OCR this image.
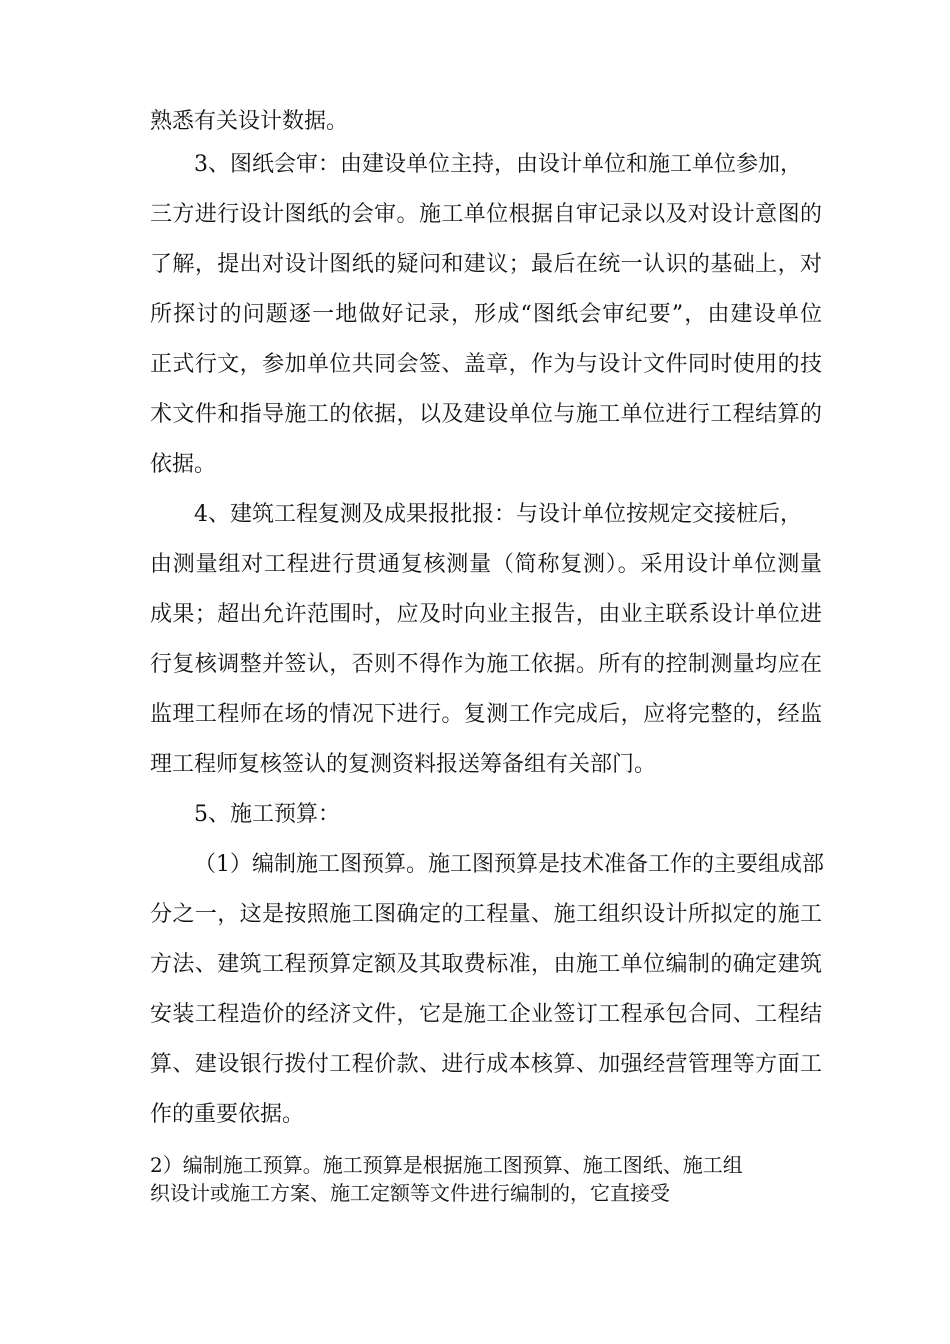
熟悉有关设计数据。
3、图纸会审：由建设单位主持，由设计单位和施工单位参加，
三方进行设计图纸的会审。施工单位根据自审记录以及对设计意图的
了解，提出对设计图纸的疑问和建议；最后在统一认识的基础上，对
所探讨的问题逐一地做好记录，形成“图纸会审纪要”，由建设单位
正式行文，参加单位共同会签、盖章，作为与设计文件同时使用的技
术文件和指导施工的依据，以及建设单位与施工单位进行工程结算的
依据。
4、建筑工程复测及成果报批报：与设计单位按规定交接桩后，
由测量组对工程进行贯通复核测量（简称复测）。采用设计单位测量
成果；超出允许范围时，应及时向业主报告，由业主联系设计单位进
行复核调整并签认，否则不得作为施工依据。所有的控制测量均应在
监理工程师在场的情况下进行。复测工作完成后，应将完整的，经监
理工程师复核签认的复测资料报送筹备组有关部门。
5、施工预算：
（1）编制施工图预算。施工图预算是技术准备工作的主要组成部
分之一，这是按照施工图确定的工程量、施工组织设计所拟定的施工
方法、建筑工程预算定额及其取费标准，由施工单位编制的确定建筑
安装工程造价的经济文件，它是施工企业签订工程承包合同、工程结
算、建设银行拨付工程价款、进行成本核算、加强经营管理等方面工
作的重要依据。
2）编制施工预算。施工预算是根据施工图预算、施工图纸、施工组
织设计或施工方案、施工定额等文件进行编制的，它直接受
